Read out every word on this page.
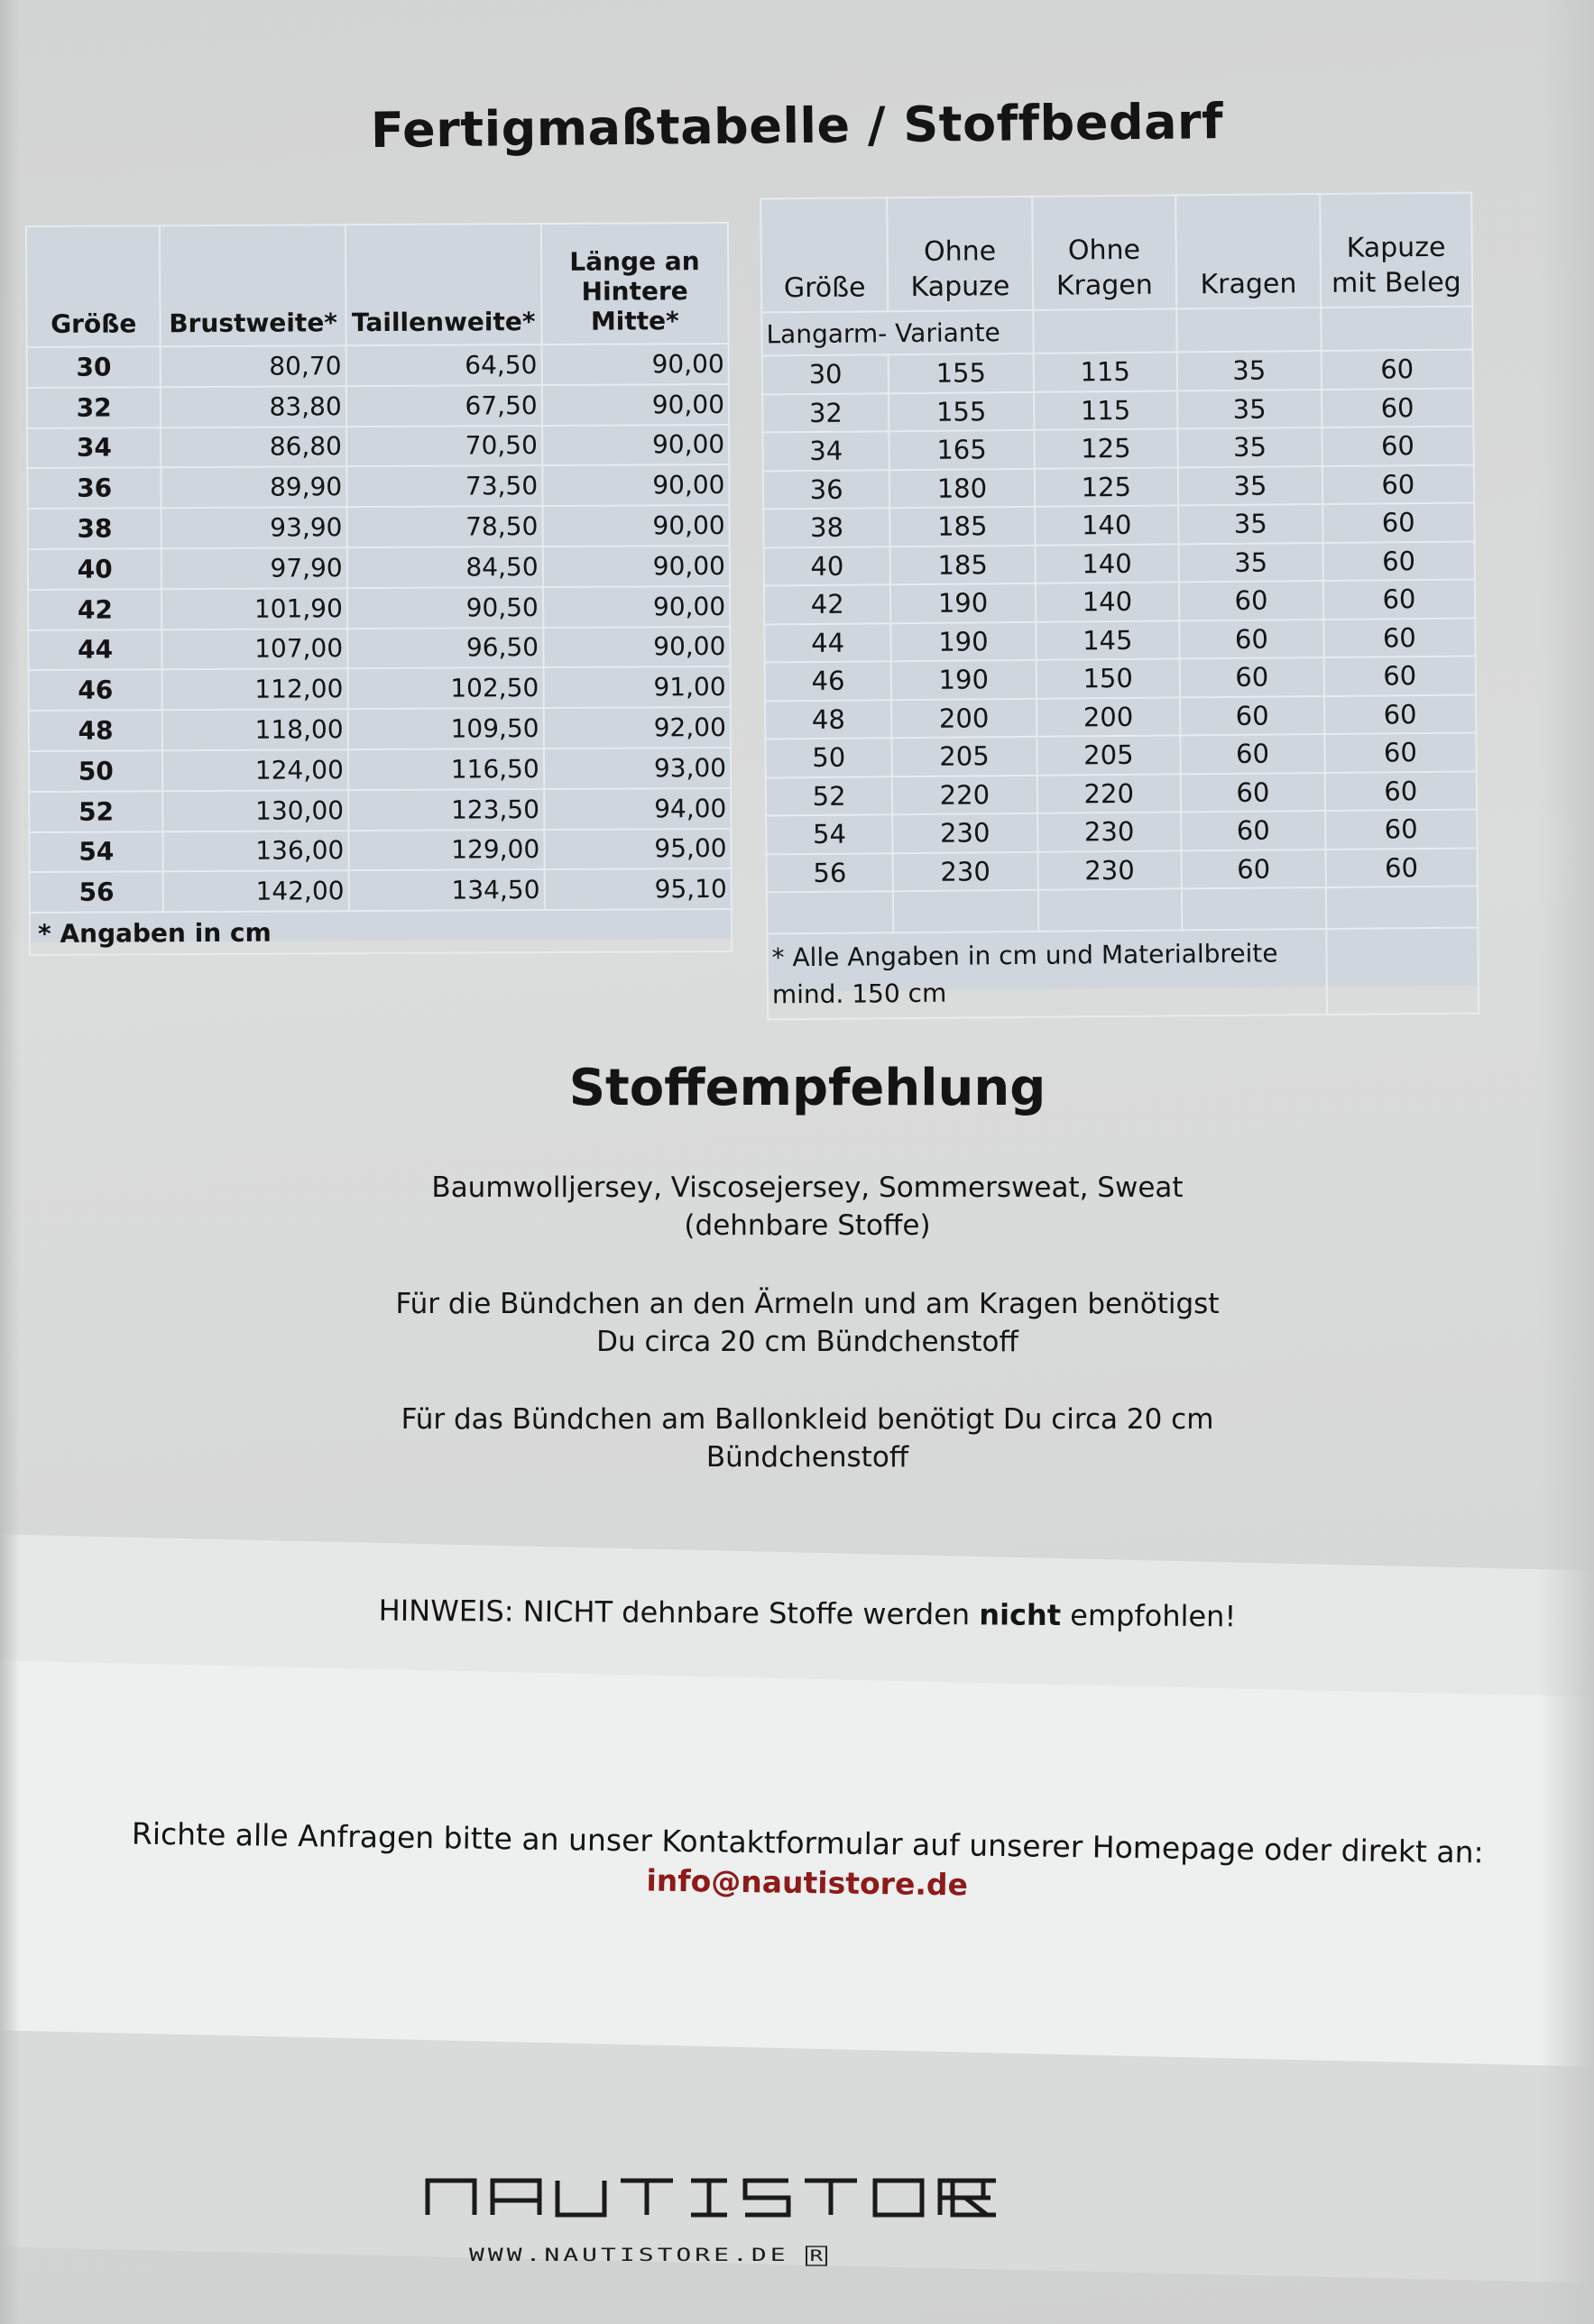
Fertigmaßtabelle / Stoffbedarf
Größe	Brustweite*	Taillenweite*	Länge an Hintere Mitte*
30	80,70	64,50	90,00
32	83,80	67,50	90,00
34	86,80	70,50	90,00
36	89,90	73,50	90,00
38	93,90	78,50	90,00
40	97,90	84,50	90,00
42	101,90	90,50	90,00
44	107,00	96,50	90,00
46	112,00	102,50	91,00
48	118,00	109,50	92,00
50	124,00	116,50	93,00
52	130,00	123,50	94,00
54	136,00	129,00	95,00
56	142,00	134,50	95,10
* Angaben in cm			
Langarm- Variante				
Größe	Ohne Kapuze	Ohne Kragen	Kragen	Kapuze mit Beleg
30	155	115	35	60
32	155	115	35	60
34	165	125	35	60
36	180	125	35	60
38	185	140	35	60
40	185	140	35	60
42	190	140	60	60
44	190	145	60	60
46	190	150	60	60
48	200	200	60	60
50	205	205	60	60
52	220	220	60	60
54	230	230	60	60
56	230	230	60	60

* Alle Angaben in cm und Materialbreite mind. 150 cm				
Stoffempfehlung
Baumwolljersey, Viscosejersey, Sommersweat, Sweat
(dehnbare Stoffe)
Für die Bündchen an den Ärmeln und am Kragen benötigst
Du circa 20 cm Bündchenstoff
Für das Bündchen am Ballonkleid benötigt Du circa 20 cm
Bündchenstoff
HINWEIS: NICHT dehnbare Stoffe werden nicht empfohlen!
Richte alle Anfragen bitte an unser Kontaktformular auf unserer Homepage oder direkt an:
info@nautistore.de
WWW.NAUTISTORE.DE R
